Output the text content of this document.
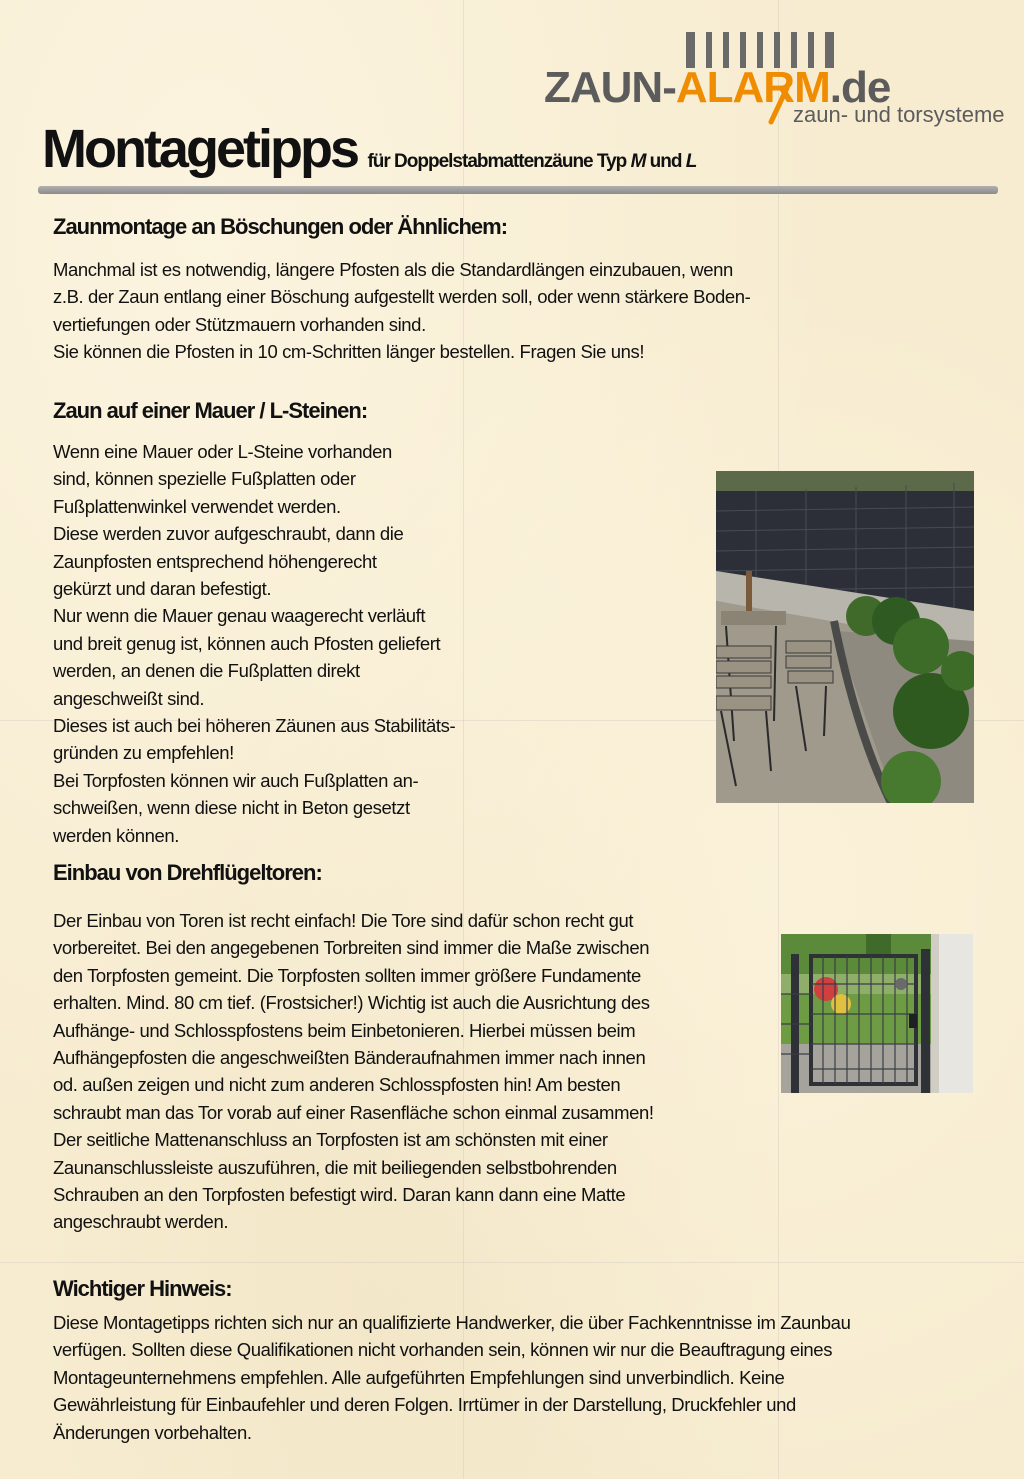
ZAUN-ALARM.de
zaun- und torsysteme
Montagetipps für Doppelstabmattenzäune Typ M und L
Zaunmontage an Böschungen oder Ähnlichem:
Manchmal ist es notwendig, längere Pfosten als die Standardlängen einzubauen, wenn
z.B. der Zaun entlang einer Böschung aufgestellt werden soll, oder wenn stärkere Boden-
vertiefungen oder Stützmauern vorhanden sind.
Sie können die Pfosten in 10 cm-Schritten länger bestellen. Fragen Sie uns!
Zaun auf einer Mauer / L-Steinen:
Wenn eine Mauer oder L-Steine vorhanden
sind, können spezielle Fußplatten oder
Fußplattenwinkel verwendet werden.
Diese werden zuvor aufgeschraubt, dann die
Zaunpfosten entsprechend höhengerecht
gekürzt und daran befestigt.
Nur wenn die Mauer genau waagerecht verläuft
und breit genug ist, können auch Pfosten geliefert
werden, an denen die Fußplatten direkt
angeschweißt sind.
Dieses ist auch bei höheren Zäunen aus Stabilitäts-
gründen zu empfehlen!
Bei Torpfosten können wir auch Fußplatten an-
schweißen, wenn diese nicht in Beton gesetzt
werden können.
Einbau von Drehflügeltoren:
Der Einbau von Toren ist recht einfach! Die Tore sind dafür schon recht gut
vorbereitet. Bei den angegebenen Torbreiten sind immer die Maße zwischen
den Torpfosten gemeint. Die Torpfosten sollten immer größere Fundamente
erhalten. Mind. 80 cm tief. (Frostsicher!) Wichtig ist auch die Ausrichtung des
Aufhänge- und Schlosspfostens beim Einbetonieren. Hierbei müssen beim
Aufhängepfosten die angeschweißten Bänderaufnahmen immer nach innen
od. außen zeigen und nicht zum anderen Schlosspfosten hin! Am besten
schraubt man das Tor vorab auf einer Rasenfläche schon einmal zusammen!
Der seitliche Mattenanschluss an Torpfosten ist am schönsten mit einer
Zaunanschlussleiste auszuführen, die mit beiliegenden selbstbohrenden
Schrauben an den Torpfosten befestigt wird. Daran kann dann eine Matte
angeschraubt werden.
Wichtiger Hinweis:
Diese Montagetipps richten sich nur an qualifizierte Handwerker, die über Fachkenntnisse im Zaunbau
verfügen. Sollten diese Qualifikationen nicht vorhanden sein, können wir nur die Beauftragung eines
Montageunternehmens empfehlen. Alle aufgeführten Empfehlungen sind unverbindlich. Keine
Gewährleistung für Einbaufehler und deren Folgen. Irrtümer in der Darstellung, Druckfehler und
Änderungen vorbehalten.
